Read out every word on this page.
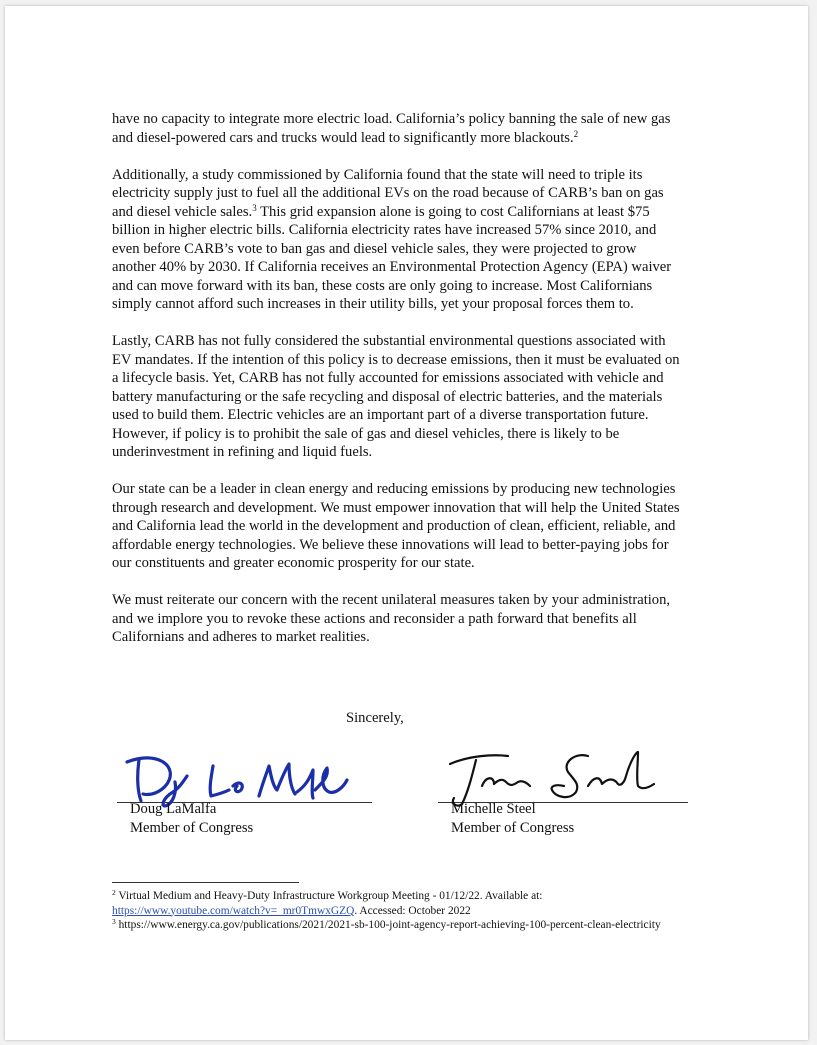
have no capacity to integrate more electric load. California’s policy banning the sale of new gas
and diesel-powered cars and trucks would lead to significantly more blackouts.$^2$

Additionally, a study commissioned by California found that the state will need to triple its
electricity supply just to fuel all the additional EVs on the road because of CARB’s ban on gas
and diesel vehicle sales.$^3$ This grid expansion alone is going to cost Californians at least $75
billion in higher electric bills. California electricity rates have increased 57% since 2010, and
even before CARB’s vote to ban gas and diesel vehicle sales, they were projected to grow
another 40% by 2030. If California receives an Environmental Protection Agency (EPA) waiver
and can move forward with its ban, these costs are only going to increase. Most Californians
simply cannot afford such increases in their utility bills, yet your proposal forces them to.

Lastly, CARB has not fully considered the substantial environmental questions associated with
EV mandates. If the intention of this policy is to decrease emissions, then it must be evaluated on
a lifecycle basis. Yet, CARB has not fully accounted for emissions associated with vehicle and
battery manufacturing or the safe recycling and disposal of electric batteries, and the materials
used to build them. Electric vehicles are an important part of a diverse transportation future.
However, if policy is to prohibit the sale of gas and diesel vehicles, there is likely to be
underinvestment in refining and liquid fuels.

Our state can be a leader in clean energy and reducing emissions by producing new technologies
through research and development. We must empower innovation that will help the United States
and California lead the world in the development and production of clean, efficient, reliable, and
affordable energy technologies. We believe these innovations will lead to better-paying jobs for
our constituents and greater economic prosperity for our state.

We must reiterate our concern with the recent unilateral measures taken by your administration,
and we implore you to revoke these actions and reconsider a path forward that benefits all
Californians and adheres to market realities.

Sincerely,
Doug LaMalfa
Member of Congress
Michelle Steel
Member of Congress

$^2$ Virtual Medium and Heavy-Duty Infrastructure Workgroup Meeting - 01/12/22. Available at:
https://www.youtube.com/watch?v=_mr0TmwxGZQ. Accessed: October 2022

$^3$ https://www.energy.ca.gov/publications/2021/2021-sb-100-joint-agency-report-achieving-100-percent-clean-electricity
